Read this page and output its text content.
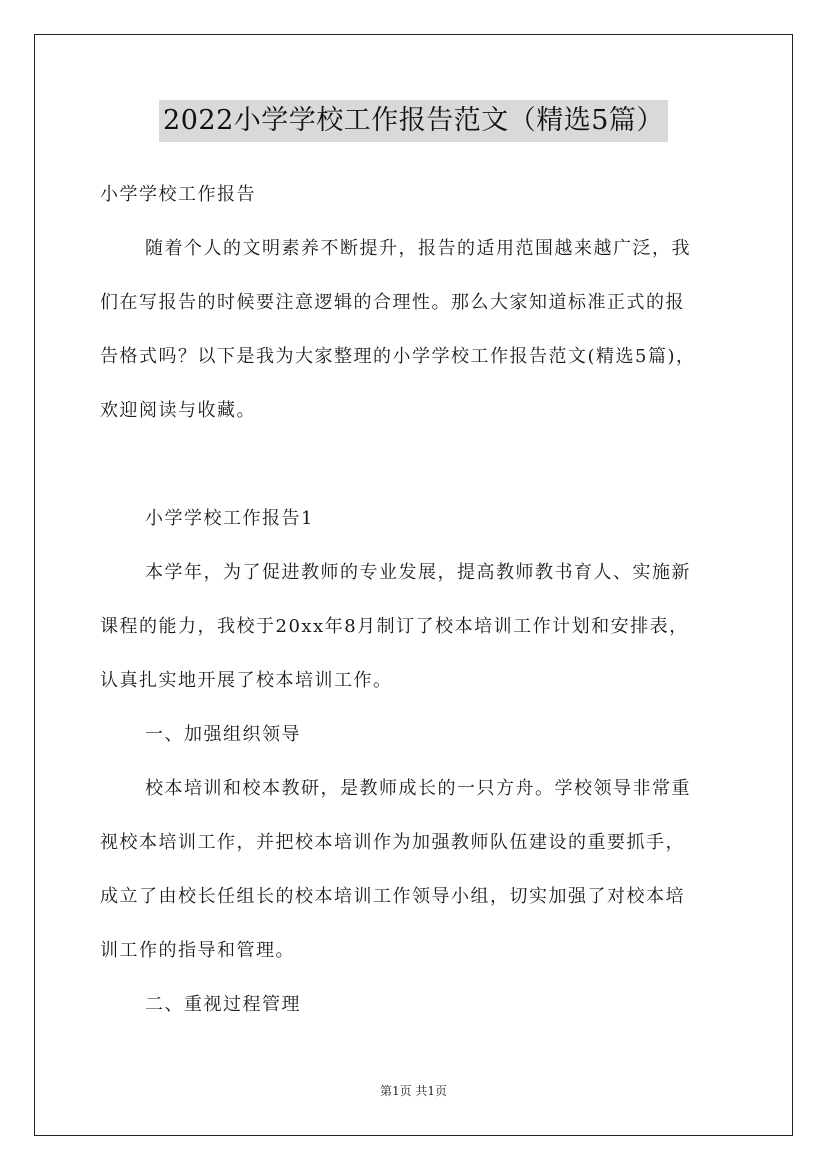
2022小学学校工作报告范文（精选5篇）
小学学校工作报告
随着个人的文明素养不断提升，报告的适用范围越来越广泛，我
们在写报告的时候要注意逻辑的合理性。那么大家知道标准正式的报
告格式吗？以下是我为大家整理的小学学校工作报告范文(精选5篇)，
欢迎阅读与收藏。
小学学校工作报告1
本学年，为了促进教师的专业发展，提高教师教书育人、实施新
课程的能力，我校于20xx年8月制订了校本培训工作计划和安排表，
认真扎实地开展了校本培训工作。
一、加强组织领导
校本培训和校本教研，是教师成长的一只方舟。学校领导非常重
视校本培训工作，并把校本培训作为加强教师队伍建设的重要抓手，
成立了由校长任组长的校本培训工作领导小组，切实加强了对校本培
训工作的指导和管理。
二、重视过程管理
第1页 共1页
